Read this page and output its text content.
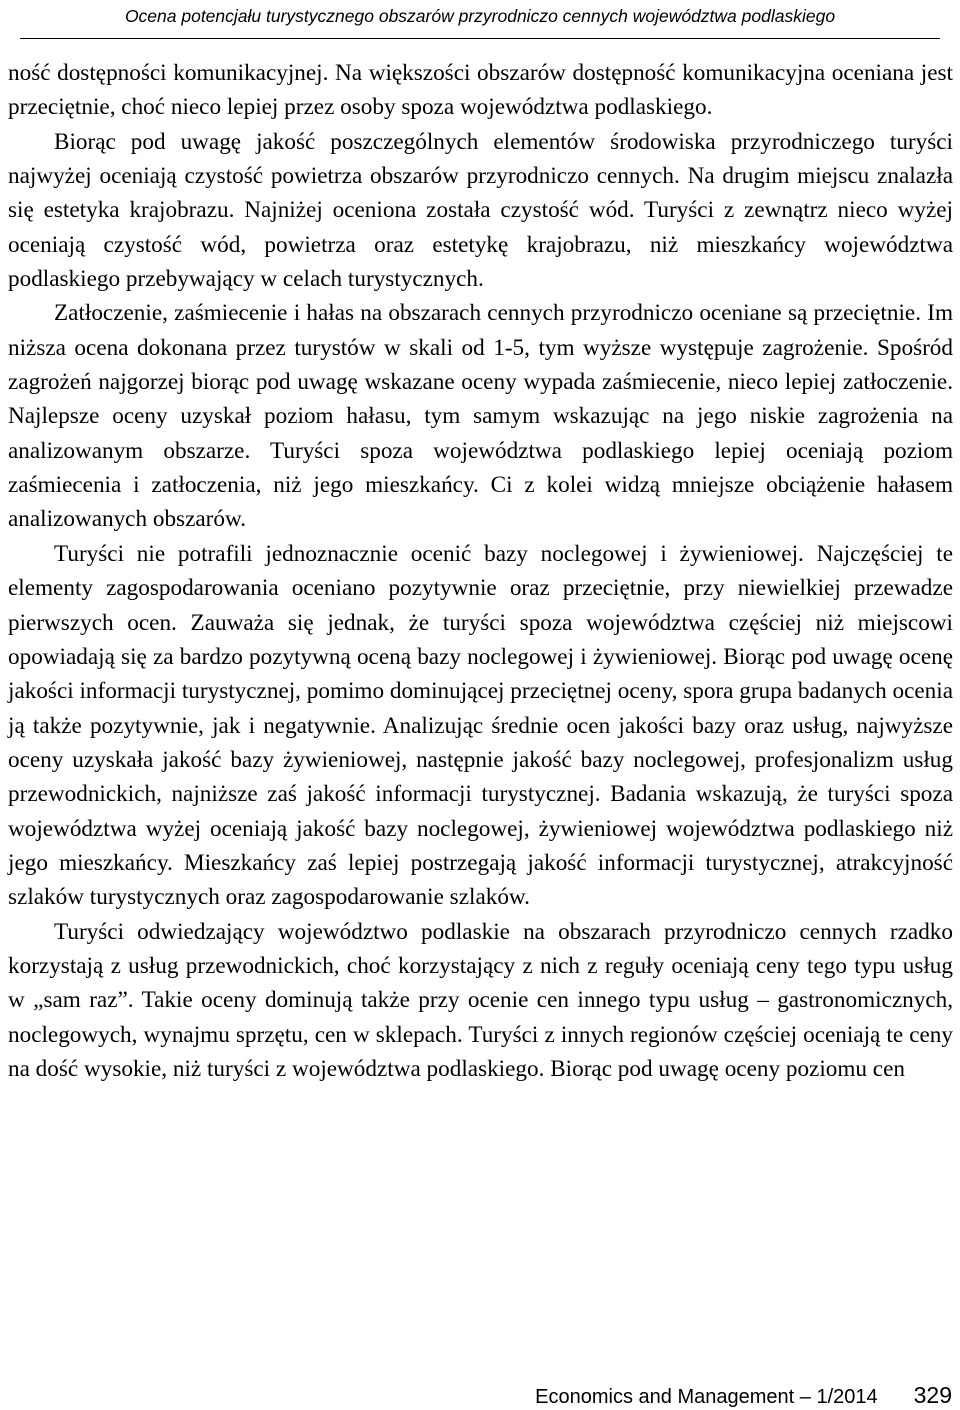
Ocena potencjału turystycznego obszarów przyrodniczo cennych województwa podlaskiego

ność dostępności komunikacyjnej. Na większości obszarów dostępność komunikacyjna oceniana jest przeciętnie, choć nieco lepiej przez osoby spoza województwa podlaskiego.

Biorąc pod uwagę jakość poszczególnych elementów środowiska przyrodniczego turyści najwyżej oceniają czystość powietrza obszarów przyrodniczo cennych. Na drugim miejscu znalazła się estetyka krajobrazu. Najniżej oceniona została czystość wód. Turyści z zewnątrz nieco wyżej oceniają czystość wód, powietrza oraz estetykę krajobrazu, niż mieszkańcy województwa podlaskiego przebywający w celach turystycznych.

Zatłoczenie, zaśmiecenie i hałas na obszarach cennych przyrodniczo oceniane są przeciętnie. Im niższa ocena dokonana przez turystów w skali od 1-5, tym wyższe występuje zagrożenie. Spośród zagrożeń najgorzej biorąc pod uwagę wskazane oceny wypada zaśmiecenie, nieco lepiej zatłoczenie. Najlepsze oceny uzyskał poziom hałasu, tym samym wskazując na jego niskie zagrożenia na analizowanym obszarze. Turyści spoza województwa podlaskiego lepiej oceniają poziom zaśmiecenia i zatłoczenia, niż jego mieszkańcy. Ci z kolei widzą mniejsze obciążenie hałasem analizowanych obszarów.

Turyści nie potrafili jednoznacznie ocenić bazy noclegowej i żywieniowej. Najczęściej te elementy zagospodarowania oceniano pozytywnie oraz przeciętnie, przy niewielkiej przewadze pierwszych ocen. Zauważa się jednak, że turyści spoza województwa częściej niż miejscowi opowiadają się za bardzo pozytywną oceną bazy noclegowej i żywieniowej. Biorąc pod uwagę ocenę jakości informacji turystycznej, pomimo dominującej przeciętnej oceny, spora grupa badanych ocenia ją także pozytywnie, jak i negatywnie. Analizując średnie ocen jakości bazy oraz usług, najwyższe oceny uzyskała jakość bazy żywieniowej, następnie jakość bazy noclegowej, profesjonalizm usług przewodnickich, najniższe zaś jakość informacji turystycznej. Badania wskazują, że turyści spoza województwa wyżej oceniają jakość bazy noclegowej, żywieniowej województwa podlaskiego niż jego mieszkańcy. Mieszkańcy zaś lepiej postrzegają jakość informacji turystycznej, atrakcyjność szlaków turystycznych oraz zagospodarowanie szlaków.

Turyści odwiedzający województwo podlaskie na obszarach przyrodniczo cennych rzadko korzystają z usług przewodnickich, choć korzystający z nich z reguły oceniają ceny tego typu usług w „sam raz”. Takie oceny dominują także przy ocenie cen innego typu usług – gastronomicznych, noclegowych, wynajmu sprzętu, cen w sklepach. Turyści z innych regionów częściej oceniają te ceny na dość wysokie, niż turyści z województwa podlaskiego. Biorąc pod uwagę oceny poziomu cen

Economics and Management – 1/2014 329
